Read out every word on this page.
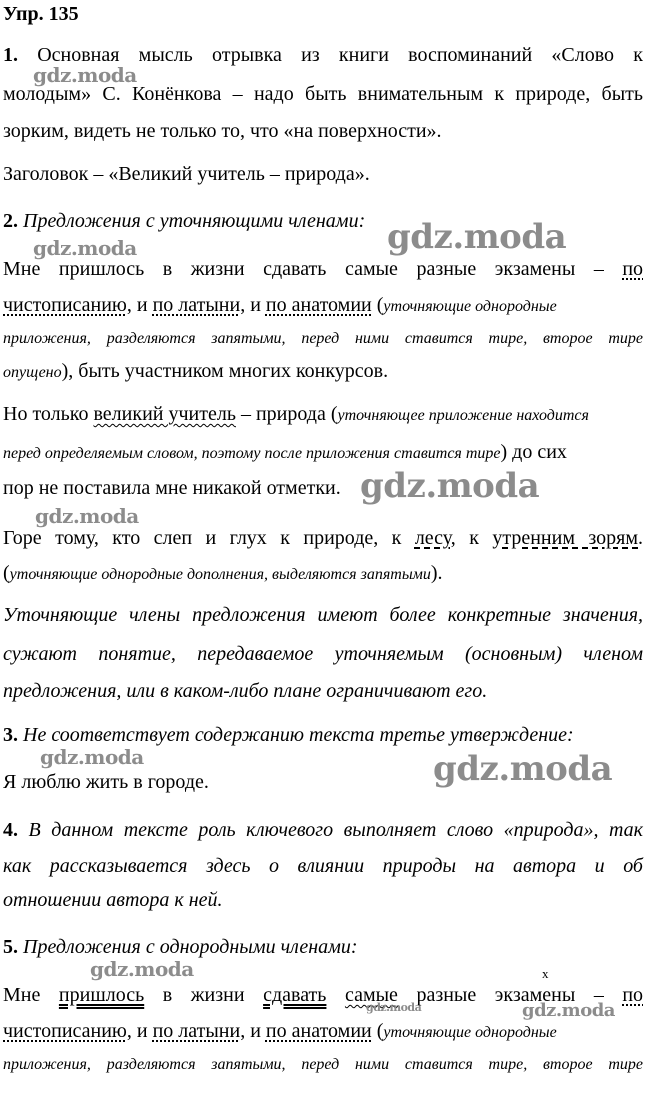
Упр. 135
1. Основная мысль отрывка из книги воспоминаний «Слово к
молодым» С. Конёнкова – надо быть внимательным к природе, быть
зорким, видеть не только то, что «на поверхности».
Заголовок – «Великий учитель – природа».
2. Предложения с уточняющими членами:
Мне пришлось в жизни сдавать самые разные экзамены – по
чистописанию, и по латыни, и по анатомии (уточняющие однородные
приложения, разделяются запятыми, перед ними ставится тире, второе тире
опущено), быть участником многих конкурсов.
Но только великий учитель – природа (уточняющее приложение находится
перед определяемым словом, поэтому после приложения ставится тире) до сих
пор не поставила мне никакой отметки.
Горе тому, кто слеп и глух к природе, к лесу, к утренним зорям.
(уточняющие однородные дополнения, выделяются запятыми).
Уточняющие члены предложения имеют более конкретные значения,
сужают понятие, передаваемое уточняемым (основным) членом
предложения, или в каком-либо плане ограничивают его.
3. Не соответствует содержанию текста третье утверждение:
Я люблю жить в городе.
4. В данном тексте роль ключевого выполняет слово «природа», так
как рассказывается здесь о влиянии природы на автора и об
отношении автора к ней.
5. Предложения с однородными членами:
x
Мне пришлось в жизни сдавать самые разные экзамены – по
чистописанию, и по латыни, и по анатомии (уточняющие однородные
приложения, разделяются запятыми, перед ними ставится тире, второе тире
gdz.moda
gdz.moda	gdz.moda
gdz.moda
gdz.moda
gdz.moda	gdz.moda
gdz.moda
gdz.moda	gdz.moda
